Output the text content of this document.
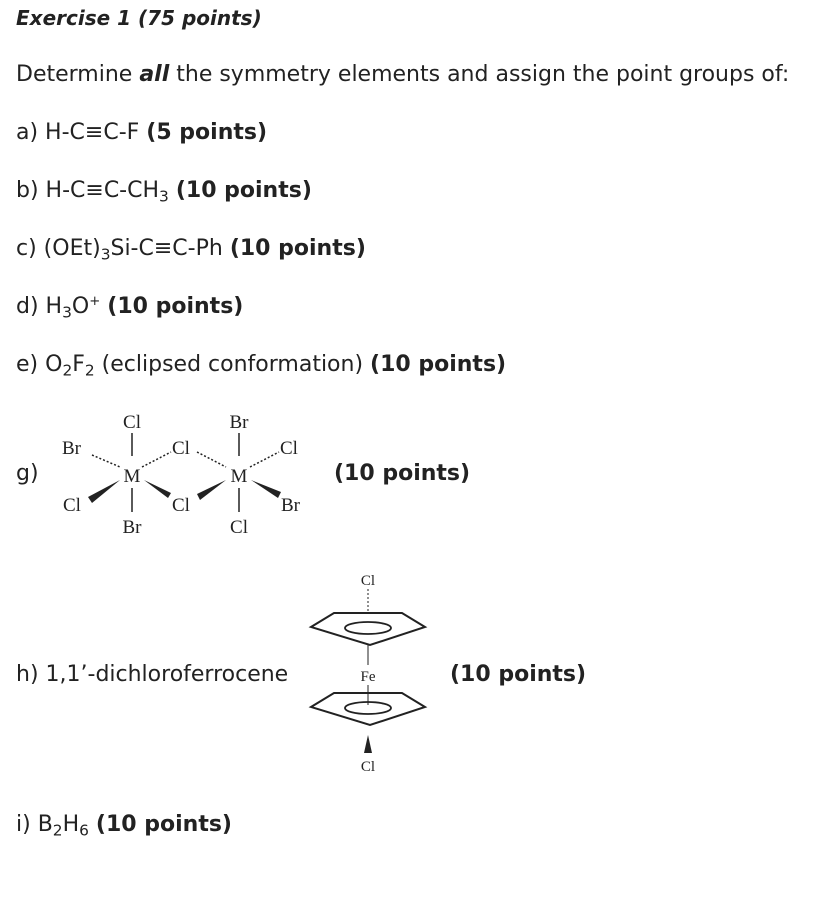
Exercise 1 (75 points)
Determine all the symmetry elements and assign the point groups of:
a) H-C≡C-F (5 points)
b) $H-C\equiv C-CH_3$ (10 points)
c) $(OEt)_3Si-C\equiv C-Ph$ (10 points)
d) $H_3O^+$ (10 points)
e) $O_2F_2$ (eclipsed conformation) (10 points)
g)
Cl	Br
Br	Cl	Cl
M	M
Cl	Cl	Br
Br	Cl
(10 points)
h) 1,1’-dichloroferrocene
Cl
Fe
Cl
(10 points)
i) $B_2H_6$ (10 points)
